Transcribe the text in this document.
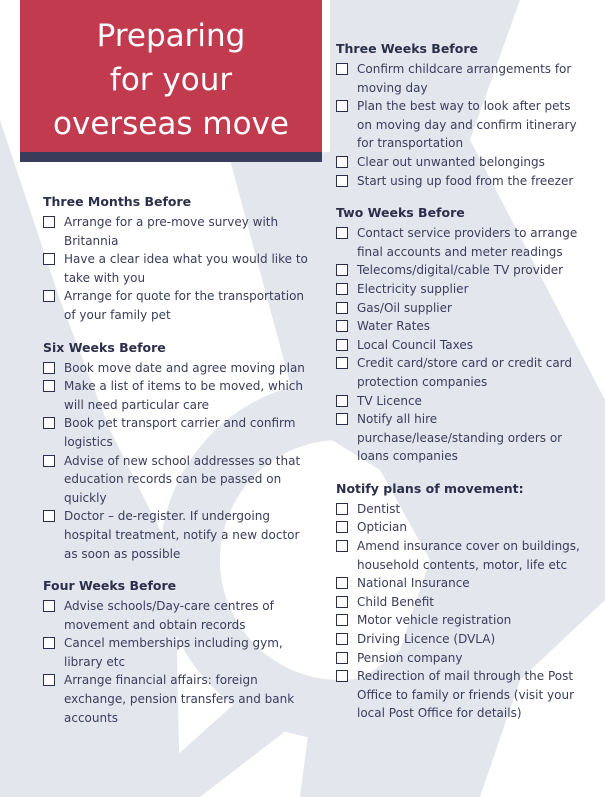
Preparing
for your
overseas move
Three Months Before
Arrange for a pre-move survey with Britannia
Have a clear idea what you would like to take with you
Arrange for quote for the transportation of your family pet
Six Weeks Before
Book move date and agree moving plan
Make a list of items to be moved, which will need particular care
Book pet transport carrier and confirm logistics
Advise of new school addresses so that education records can be passed on quickly
Doctor – de-register. If undergoing hospital treatment, notify a new doctor as soon as possible
Four Weeks Before
Advise schools/Day-care centres of movement and obtain records
Cancel memberships including gym, library etc
Arrange financial affairs: foreign exchange, pension transfers and bank accounts
Three Weeks Before
Confirm childcare arrangements for moving day
Plan the best way to look after pets on moving day and confirm itinerary for transportation
Clear out unwanted belongings
Start using up food from the freezer
Two Weeks Before
Contact service providers to arrange final accounts and meter readings
Telecoms/digital/cable TV provider
Electricity supplier
Gas/Oil supplier
Water Rates
Local Council Taxes
Credit card/store card or credit card protection companies
TV Licence
Notify all hire purchase/lease/standing orders or loans companies
Notify plans of movement:
Dentist
Optician
Amend insurance cover on buildings, household contents, motor, life etc
National Insurance
Child Benefit
Motor vehicle registration
Driving Licence (DVLA)
Pension company
Redirection of mail through the Post Office to family or friends (visit your local Post Office for details)
